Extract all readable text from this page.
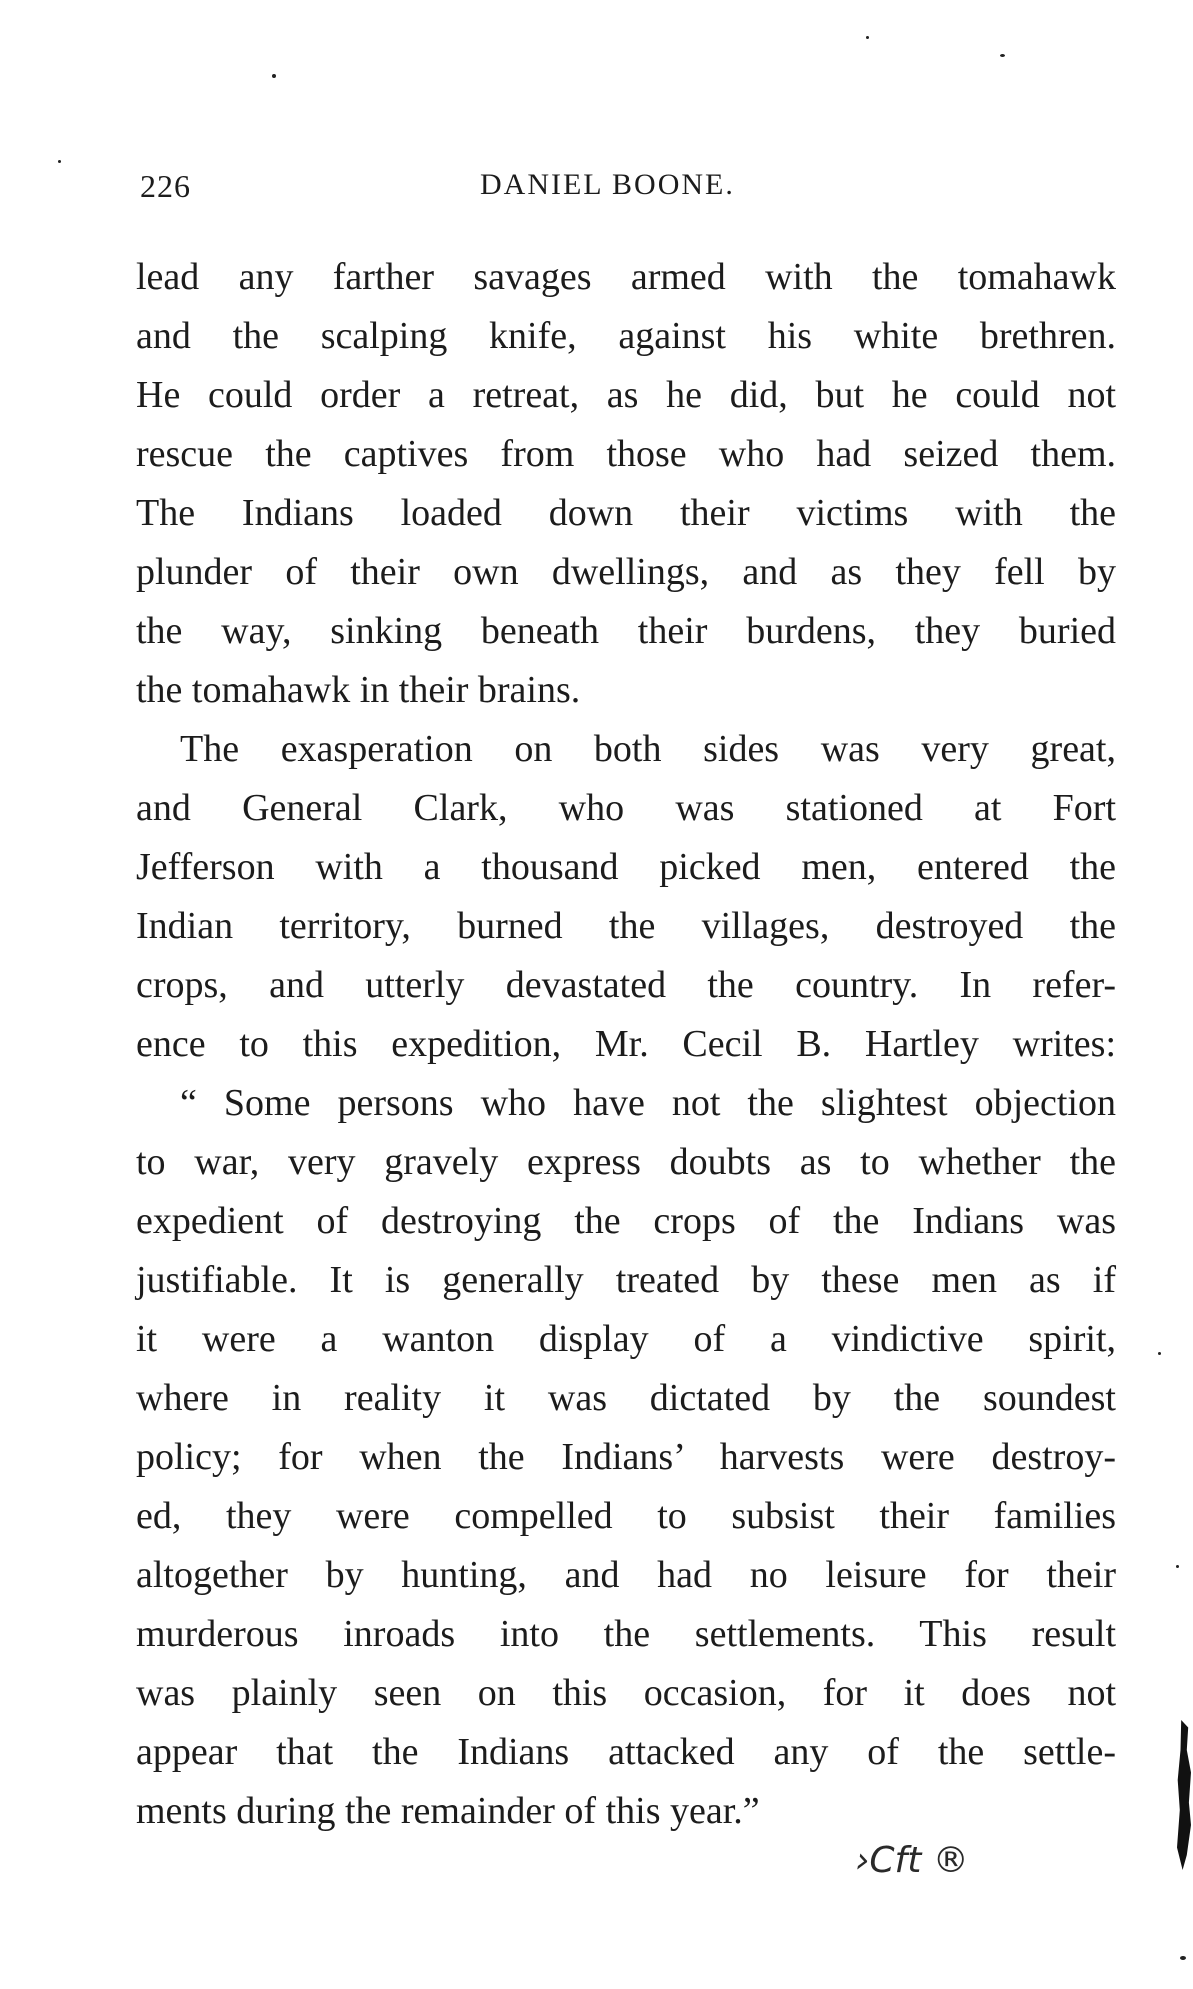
226	DANIEL BOONE.
lead any farther savages armed with the tomahawk
and the scalping knife, against his white brethren.
He could order a retreat, as he did, but he could not
rescue the captives from those who had seized them.
The Indians loaded down their victims with the
plunder of their own dwellings, and as they fell by
the way, sinking beneath their burdens, they buried
the tomahawk in their brains.
The exasperation on both sides was very great,
and General Clark, who was stationed at Fort
Jefferson with a thousand picked men, entered the
Indian territory, burned the villages, destroyed the
crops, and utterly devastated the country. In refer-
ence to this expedition, Mr. Cecil B. Hartley writes:
“ Some persons who have not the slightest objection
to war, very gravely express doubts as to whether the
expedient of destroying the crops of the Indians was
justifiable. It is generally treated by these men as if
it were a wanton display of a vindictive spirit,
where in reality it was dictated by the soundest
policy; for when the Indians’ harvests were destroy-
ed, they were compelled to subsist their families
altogether by hunting, and had no leisure for their
murderous inroads into the settlements. This result
was plainly seen on this occasion, for it does not
appear that the Indians attacked any of the settle-
ments during the remainder of this year.”
›Cft ®
